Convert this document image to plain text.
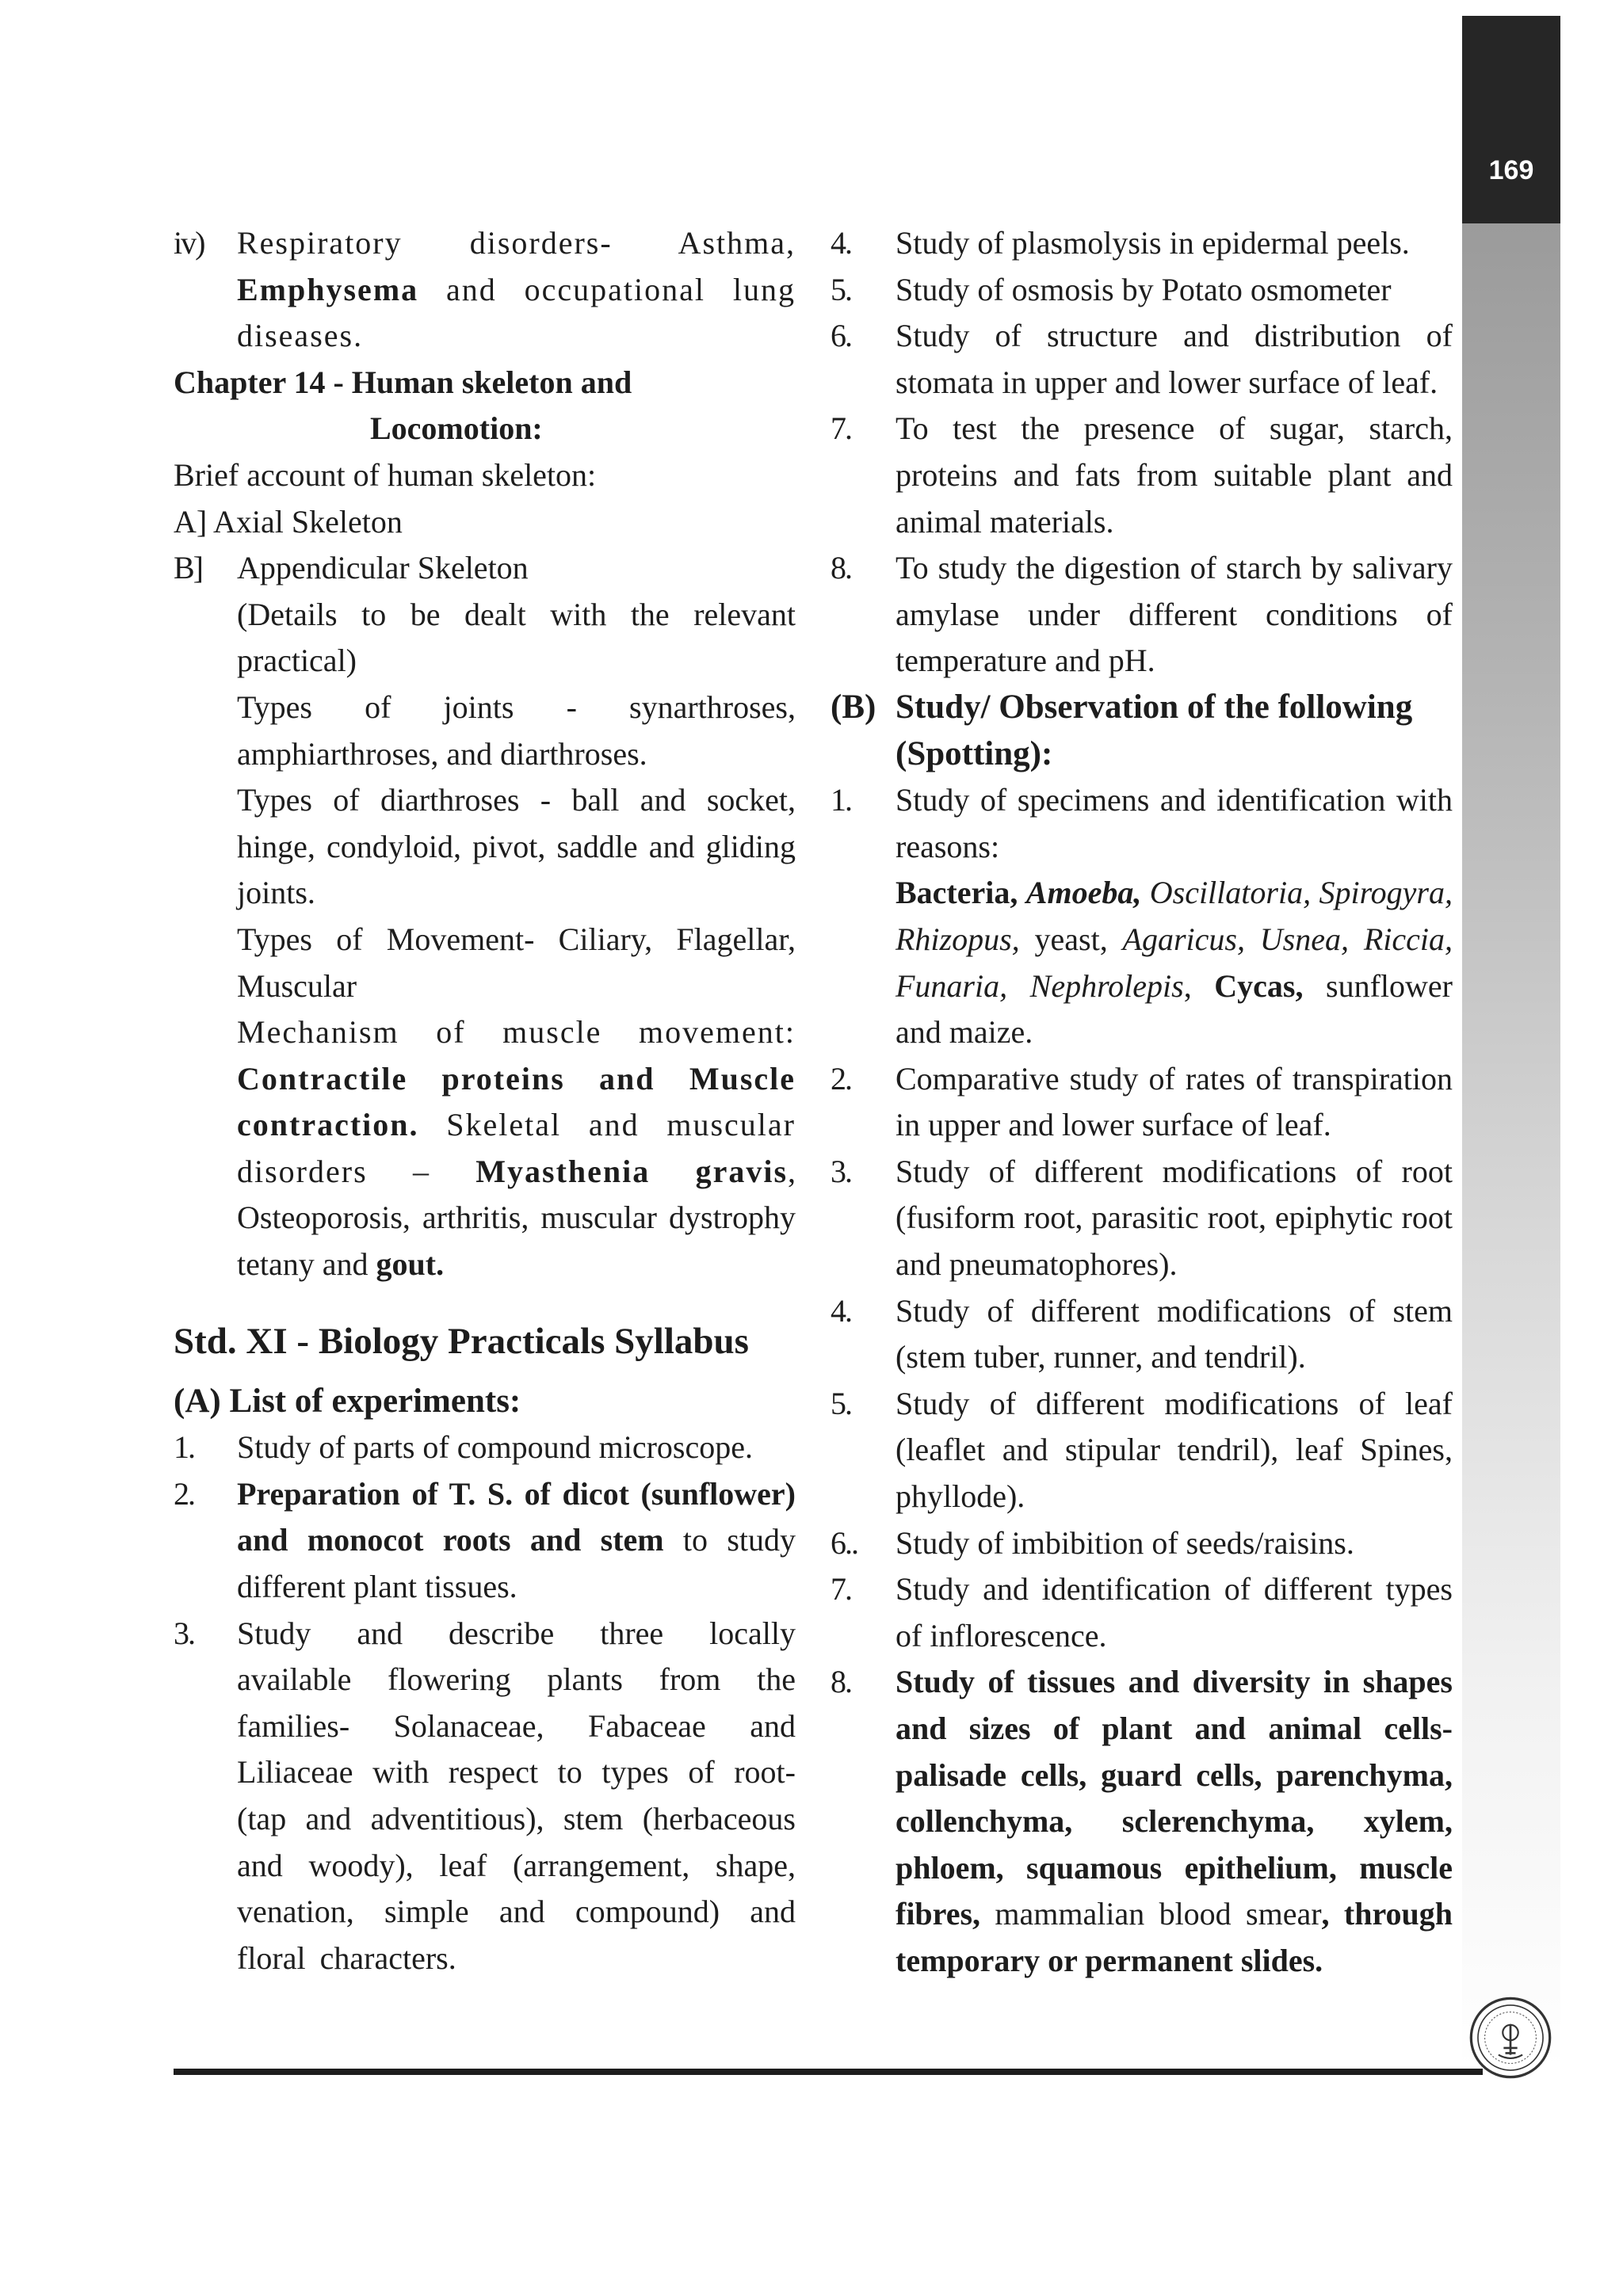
169
iv)	Respiratory disorders- Asthma, Emphysema and occupational lung diseases.
Chapter 14 - Human skeleton and
Locomotion:
Brief account of human skeleton:
A] Axial Skeleton
B]	Appendicular Skeleton
(Details to be dealt with the relevant practical)
Types of joints - synarthroses, amphiarthroses, and diarthroses.
Types of diarthroses - ball and socket, hinge, condyloid, pivot, saddle and gliding joints.
Types of Movement- Ciliary, Flagellar, Muscular
Mechanism of muscle movement: Contractile proteins and Muscle contraction. Skeletal and muscular disorders – Myasthenia gravis, Osteoporosis, arthritis, muscular dystrophy tetany and gout.
Std. XI - Biology Practicals Syllabus
(A) List of experiments:
1.	Study of parts of compound microscope.
2.	Preparation of T. S. of dicot (sunflower) and monocot roots and stem to study different plant tissues.
3.	Study and describe three locally available flowering plants from the families- Solanaceae, Fabaceae and Liliaceae with respect to types of root-(tap and adventitious), stem (herbaceous and woody), leaf (arrangement, shape, venation, simple and compound) and floral characters.
4.	Study of plasmolysis in epidermal peels.
5.	Study of osmosis by Potato osmometer
6.	Study of structure and distribution of stomata in upper and lower surface of leaf.
7.	To test the presence of sugar, starch, proteins and fats from suitable plant and animal materials.
8.	To study the digestion of starch by salivary amylase under different conditions of temperature and pH.
(B) Study/ Observation of the following (Spotting):
1.	Study of specimens and identification with reasons:
Bacteria, Amoeba, Oscillatoria, Spirogyra, Rhizopus, yeast, Agaricus, Usnea, Riccia, Funaria, Nephrolepis, Cycas, sunflower and maize.
2.	Comparative study of rates of transpiration in upper and lower surface of leaf.
3.	Study of different modifications of root (fusiform root, parasitic root, epiphytic root and pneumatophores).
4.	Study of different modifications of stem (stem tuber, runner, and tendril).
5.	Study of different modifications of leaf (leaflet and stipular tendril), leaf Spines, phyllode).
6..	Study of imbibition of seeds/raisins.
7.	Study and identification of different types of inflorescence.
8.	Study of tissues and diversity in shapes and sizes of plant and animal cells- palisade cells, guard cells, parenchyma, collenchyma, sclerenchyma, xylem, phloem, squamous epithelium, muscle fibres, mammalian blood smear, through temporary or permanent slides.
